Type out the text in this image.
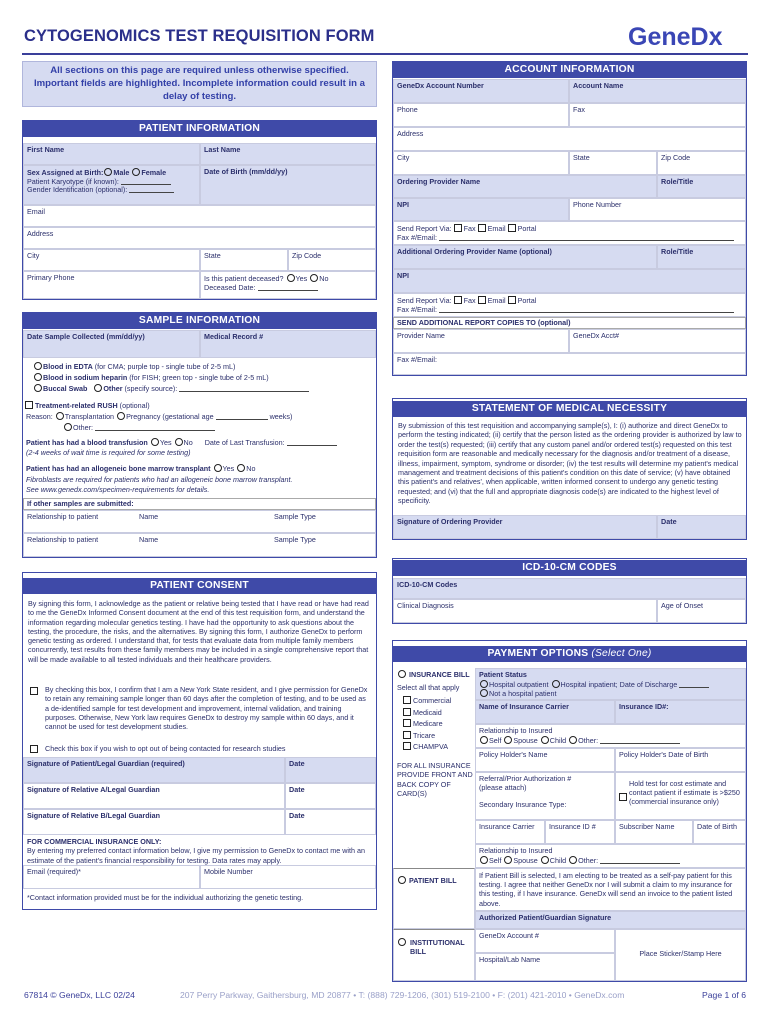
CYTOGENOMICS TEST REQUISITION FORM	GeneDx
All sections on this page are required unless otherwise specified. Important fields are highlighted. Incomplete information could result in a delay of testing.
PATIENT INFORMATION
First Name	Last Name
Sex Assigned at Birth: Male Female
Patient Karyotype (if known):
Gender Identification (optional):
Date of Birth (mm/dd/yy)
Email
Address
City	State	Zip Code
Primary Phone	Is this patient deceased? Yes No
Deceased Date:
SAMPLE INFORMATION
Date Sample Collected (mm/dd/yy)	Medical Record #
Blood in EDTA (for CMA; purple top - single tube of 2-5 mL)
Blood in sodium heparin (for FISH; green top - single tube of 2-5 mL)
Buccal Swab Other (specify source):
Treatment-related RUSH (optional)
Reason: Transplantation Pregnancy (gestational age	weeks)
Other:
Patient has had a blood transfusion Yes No Date of Last Transfusion:
(2-4 weeks of wait time is required for some testing)
Patient has had an allogeneic bone marrow transplant Yes No
Fibroblasts are required for patients who had an allogeneic bone marrow transplant.
See www.genedx.com/specimen-requirements for details.
If other samples are submitted:
Relationship to patient	Name	Sample Type
Relationship to patient	Name	Sample Type
PATIENT CONSENT
By signing this form, I acknowledge as the patient or relative being tested that I have read or have had read to me the GeneDx Informed Consent document at the end of this test requisition form, and understand the information regarding molecular genetics testing. I have had the opportunity to ask questions about the testing, the procedure, the risks, and the alternatives. By signing this form, I authorize GeneDx to perform genetic testing as ordered. I understand that, for tests that evaluate data from multiple family members concurrently, test results from these family members may be included in a single comprehensive report that will be made available to all tested individuals and their healthcare providers.
By checking this box, I confirm that I am a New York State resident, and I give permission for GeneDx to retain any remaining sample longer than 60 days after the completion of testing, and to be used as a de-identified sample for test development and improvement, internal validation, and training purposes. Otherwise, New York law requires GeneDx to destroy my sample within 60 days, and it cannot be used for test development studies.
Check this box if you wish to opt out of being contacted for research studies
Signature of Patient/Legal Guardian (required)	Date
Signature of Relative A/Legal Guardian	Date
Signature of Relative B/Legal Guardian	Date
FOR COMMERCIAL INSURANCE ONLY:
By entering my preferred contact information below, I give my permission to GeneDx to contact me with an estimate of the patient's financial responsibility for testing. Data rates may apply.
Email (required)*	Mobile Number
*Contact information provided must be for the individual authorizing the genetic testing.
ACCOUNT INFORMATION
GeneDx Account Number	Account Name
Phone	Fax
Address
City	State	Zip Code
Ordering Provider Name	Role/Title
NPI	Phone Number
Send Report Via: Fax Email Portal
Fax #/Email:
Additional Ordering Provider Name (optional)	Role/Title
NPI
Send Report Via: Fax Email Portal
Fax #/Email:
SEND ADDITIONAL REPORT COPIES TO (optional)
Provider Name	GeneDx Acct#
Fax #/Email:
STATEMENT OF MEDICAL NECESSITY
By submission of this test requisition and accompanying sample(s), I: (i) authorize and direct GeneDx to perform the testing indicated; (ii) certify that the person listed as the ordering provider is authorized by law to order the test(s) requested; (iii) certify that any custom panel and/or ordered test(s) requested on this test requisition form are reasonable and medically necessary for the diagnosis and/or treatment of a disease, illness, impairment, symptom, syndrome or disorder; (iv) the test results will determine my patient's medical management and treatment decisions of this patient's condition on this date of service; (v) have obtained this patient's and relatives', when applicable, written informed consent to undergo any genetic testing requested; and (vi) that the full and appropriate diagnosis code(s) are indicated to the highest level of specificity.
Signature of Ordering Provider	Date
ICD-10-CM CODES
ICD-10-CM Codes
Clinical Diagnosis	Age of Onset
PAYMENT OPTIONS (Select One)
INSURANCE BILL
Select all that apply
Commercial
Medicaid
Medicare
Tricare
CHAMPVA
FOR ALL INSURANCE PROVIDE FRONT AND BACK COPY OF CARD(S)
Patient Status
Hospital outpatient Hospital inpatient; Date of Discharge
Not a hospital patient
Name of Insurance Carrier	Insurance ID#:
Relationship to Insured
Self Spouse Child Other:
Policy Holder's Name	Policy Holder's Date of Birth
Referral/Prior Authorization #
(please attach)

Secondary Insurance Type:
Hold test for cost estimate and contact patient if estimate is >$250
(commercial insurance only)
Insurance Carrier	Insurance ID #	Subscriber Name	Date of Birth
Relationship to Insured
Self Spouse Child Other:
PATIENT BILL
If Patient Bill is selected, I am electing to be treated as a self-pay patient for this testing. I agree that neither GeneDx nor I will submit a claim to my insurance for this testing, if I have insurance. GeneDx will send an invoice to the patient listed above.
Authorized Patient/Guardian Signature
INSTITUTIONAL BILL
GeneDx Account #
Hospital/Lab Name
Place Sticker/Stamp Here
67814 © GeneDx, LLC 02/24	207 Perry Parkway, Gaithersburg, MD 20877 • T: (888) 729-1206, (301) 519-2100 • F: (201) 421-2010 • GeneDx.com	Page 1 of 6
